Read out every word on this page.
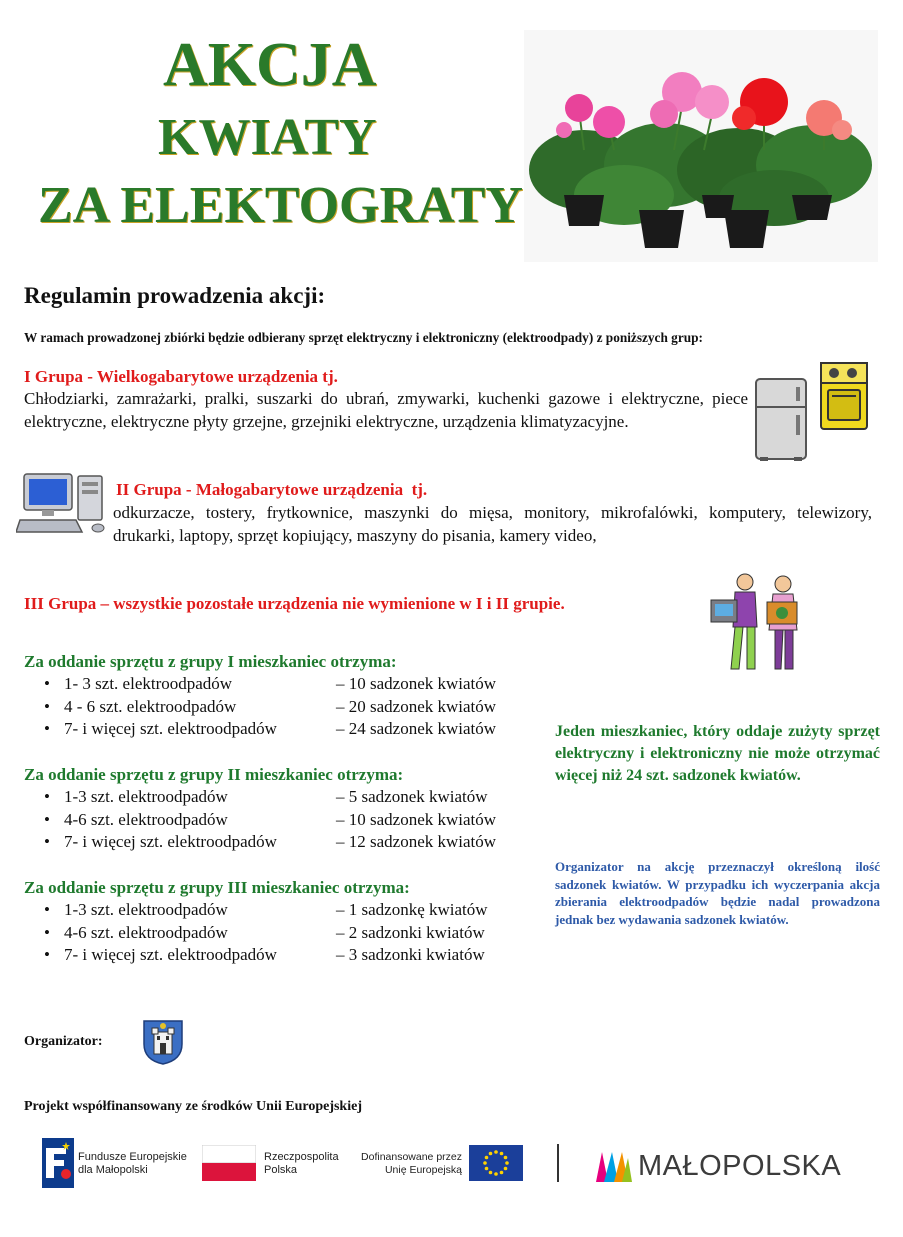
AKCJA
KWIATY
ZA ELEKTOGRATY
Regulamin prowadzenia akcji:
W ramach prowadzonej zbiórki będzie odbierany sprzęt elektryczny i elektroniczny (elektroodpady) z poniższych grup:
I Grupa - Wielkogabarytowe urządzenia tj.
Chłodziarki, zamrażarki, pralki, suszarki do ubrań, zmywarki, kuchenki gazowe i elektryczne, piece elektryczne, elektryczne płyty grzejne, grzejniki elektryczne, urządzenia klimatyzacyjne.
II Grupa - Małogabarytowe urządzenia  tj.
odkurzacze, tostery, frytkownice, maszynki do mięsa, monitory, mikrofalówki, komputery, telewizory, drukarki, laptopy, sprzęt kopiujący, maszyny do pisania, kamery video,
III Grupa – wszystkie pozostałe urządzenia nie wymienione w I i II grupie.
Za oddanie sprzętu z grupy I mieszkaniec otrzyma:
• 1- 3 szt. elektroodpadów	– 10 sadzonek kwiatów
• 4 - 6 szt. elektroodpadów	– 20 sadzonek kwiatów
• 7- i więcej szt. elektroodpadów	– 24 sadzonek kwiatów
Za oddanie sprzętu z grupy II mieszkaniec otrzyma:
• 1-3 szt. elektroodpadów	– 5 sadzonek kwiatów
• 4-6 szt. elektroodpadów	– 10 sadzonek kwiatów
• 7- i więcej szt. elektroodpadów	– 12 sadzonek kwiatów
Za oddanie sprzętu z grupy III mieszkaniec otrzyma:
• 1-3 szt. elektroodpadów	– 1 sadzonkę kwiatów
• 4-6 szt. elektroodpadów	– 2 sadzonki kwiatów
• 7- i więcej szt. elektroodpadów	– 3 sadzonki kwiatów
Jeden mieszkaniec, który oddaje zużyty sprzęt elektryczny i elektroniczny nie może otrzymać więcej niż 24 szt. sadzonek kwiatów.
Organizator na akcję przeznaczył określoną ilość sadzonek kwiatów. W przypadku ich wyczerpania akcja zbierania elektroodpadów będzie nadal prowadzona jednak bez wydawania sadzonek kwiatów.
Organizator:
Projekt współfinansowany ze środków Unii Europejskiej
Fundusze Europejskie
dla Małopolski
Rzeczpospolita
Polska
Dofinansowane przez
Unię Europejską	MAŁOPOLSKA
